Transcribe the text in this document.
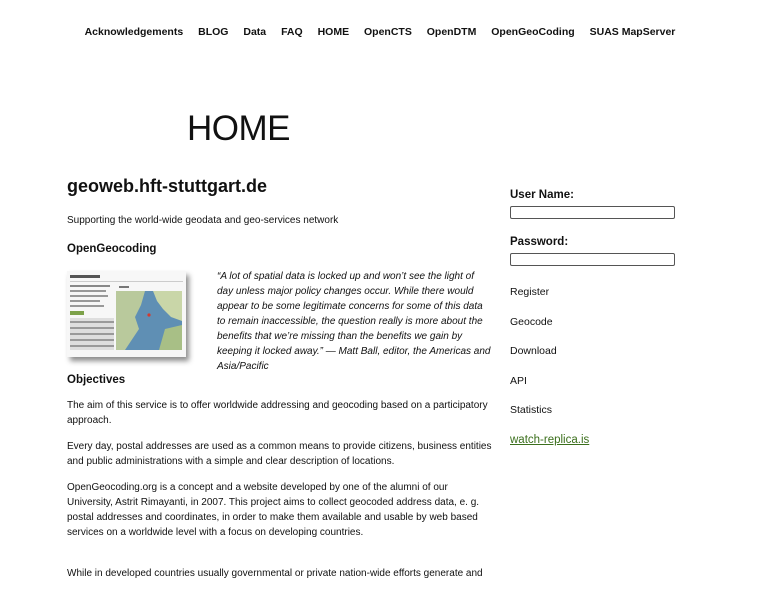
Acknowledgements BLOG Data FAQ HOME OpenCTS OpenDTM OpenGeoCoding SUAS MapServer
HOME
geoweb.hft-stuttgart.de

Supporting the world-wide geodata and geo-services network

OpenGeocoding

“A lot of spatial data is locked up and won’t see the light of day unless major policy changes occur. While there would appear to be some legitimate concerns for some of this data to remain inaccessible, the question really is more about the benefits that we’re missing than the benefits we gain by keeping it locked away.” — Matt Ball, editor, the Americas and Asia/Pacific

Objectives

The aim of this service is to offer worldwide addressing and geocoding based on a participatory approach.

Every day, postal addresses are used as a common means to provide citizens, business entities and public administrations with a simple and clear description of locations.

OpenGeocoding.org is a concept and a website developed by one of the alumni of our University, Astrit Rimayanti, in 2007. This project aims to collect geocoded address data, e. g. postal addresses and coordinates, in order to make them available and usable by web based services on a worldwide level with a focus on developing countries.

While in developed countries usually governmental or private nation-wide efforts generate and

User Name:
Password:
Register
Geocode
Download
API
Statistics
watch-replica.is
